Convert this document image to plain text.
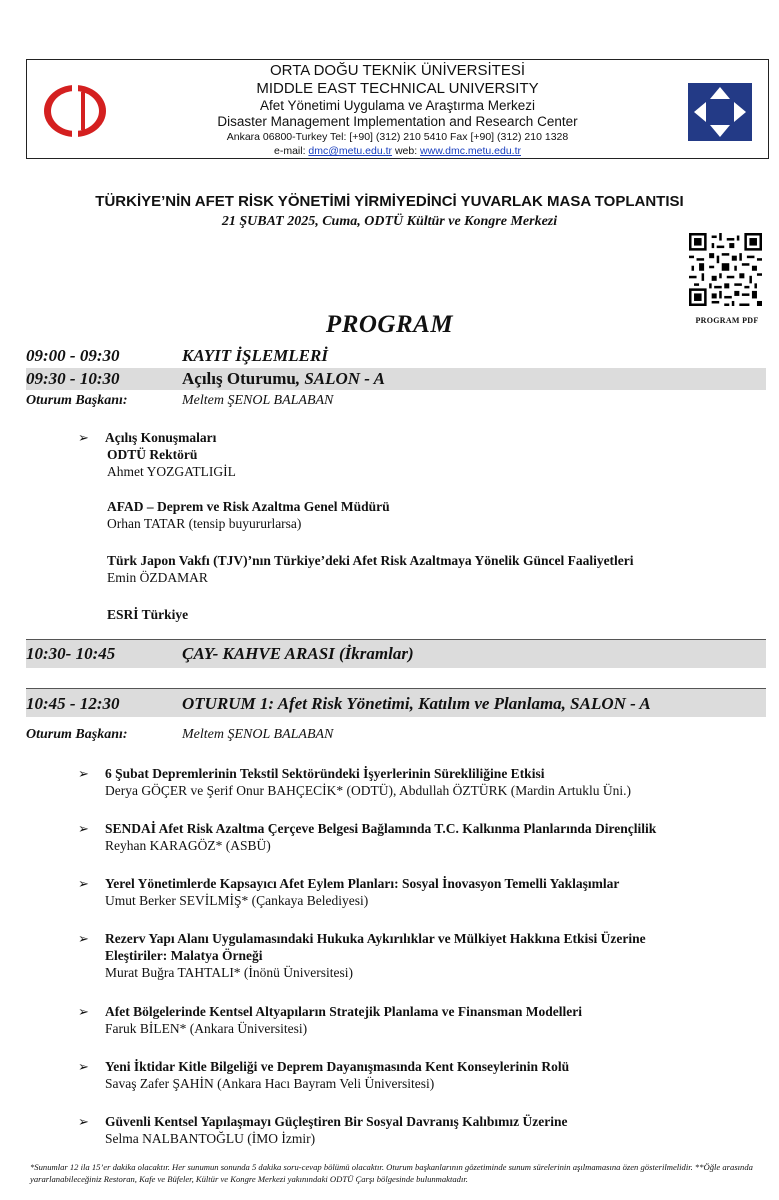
ORTA DOĞU TEKNİK ÜNİVERSİTESİ
MIDDLE EAST TECHNICAL UNIVERSITY
Afet Yönetimi Uygulama ve Araştırma Merkezi
Disaster Management Implementation and Research Center
Ankara 06800-Turkey Tel: [+90] (312) 210 5410 Fax [+90] (312) 210 1328
e-mail: dmc@metu.edu.tr web: www.dmc.metu.edu.tr
TÜRKİYE’NİN AFET RİSK YÖNETİMİ YİRMİYEDİNCİ YUVARLAK MASA TOPLANTISI
21 ŞUBAT 2025, Cuma, ODTÜ Kültür ve Kongre Merkezi
PROGRAM PDF
PROGRAM
09:00 - 09:30	KAYIT İŞLEMLERİ
09:30 - 10:30	Açılış Oturumu, SALON - A
Oturum Başkanı:	Meltem ŞENOL BALABAN
➢ Açılış Konuşmaları
ODTÜ Rektörü
Ahmet YOZGATLIGİL
AFAD – Deprem ve Risk Azaltma Genel Müdürü
Orhan TATAR (tensip buyururlarsa)
Türk Japon Vakfı (TJV)’nın Türkiye’deki Afet Risk Azaltmaya Yönelik Güncel Faaliyetleri
Emin ÖZDAMAR
ESRİ Türkiye
10:30- 10:45	ÇAY- KAHVE ARASI (İkramlar)
10:45 - 12:30	OTURUM 1: Afet Risk Yönetimi, Katılım ve Planlama, SALON - A
Oturum Başkanı:	Meltem ŞENOL BALABAN
➢ 6 Şubat Depremlerinin Tekstil Sektöründeki İşyerlerinin Sürekliliğine Etkisi
Derya GÖÇER ve Şerif Onur BAHÇECİK* (ODTÜ), Abdullah ÖZTÜRK (Mardin Artuklu Üni.)
➢ SENDAİ Afet Risk Azaltma Çerçeve Belgesi Bağlamında T.C. Kalkınma Planlarında Dirençlilik
Reyhan KARAGÖZ* (ASBÜ)
➢ Yerel Yönetimlerde Kapsayıcı Afet Eylem Planları: Sosyal İnovasyon Temelli Yaklaşımlar
Umut Berker SEVİLMİŞ* (Çankaya Belediyesi)
➢ Rezerv Yapı Alanı Uygulamasındaki Hukuka Aykırılıklar ve Mülkiyet Hakkına Etkisi Üzerine
Eleştiriler: Malatya Örneği
Murat Buğra TAHTALI* (İnönü Üniversitesi)
➢ Afet Bölgelerinde Kentsel Altyapıların Stratejik Planlama ve Finansman Modelleri
Faruk BİLEN* (Ankara Üniversitesi)
➢ Yeni İktidar Kitle Bilgeliği ve Deprem Dayanışmasında Kent Konseylerinin Rolü
Savaş Zafer ŞAHİN (Ankara Hacı Bayram Veli Üniversitesi)
➢ Güvenli Kentsel Yapılaşmayı Güçleştiren Bir Sosyal Davranış Kalıbımız Üzerine
Selma NALBANTOĞLU (İMO İzmir)
*Sunumlar 12 ila 15’er dakika olacaktır. Her sunumun sonunda 5 dakika soru-cevap bölümü olacaktır. Oturum başkanlarının gözetiminde sunum sürelerinin aşılmamasına özen gösterilmelidir. **Öğle arasında yararlanabileceğiniz Restoran, Kafe ve Büfeler, Kültür ve Kongre Merkezi yakınındaki ODTÜ Çarşı bölgesinde bulunmaktadır.
